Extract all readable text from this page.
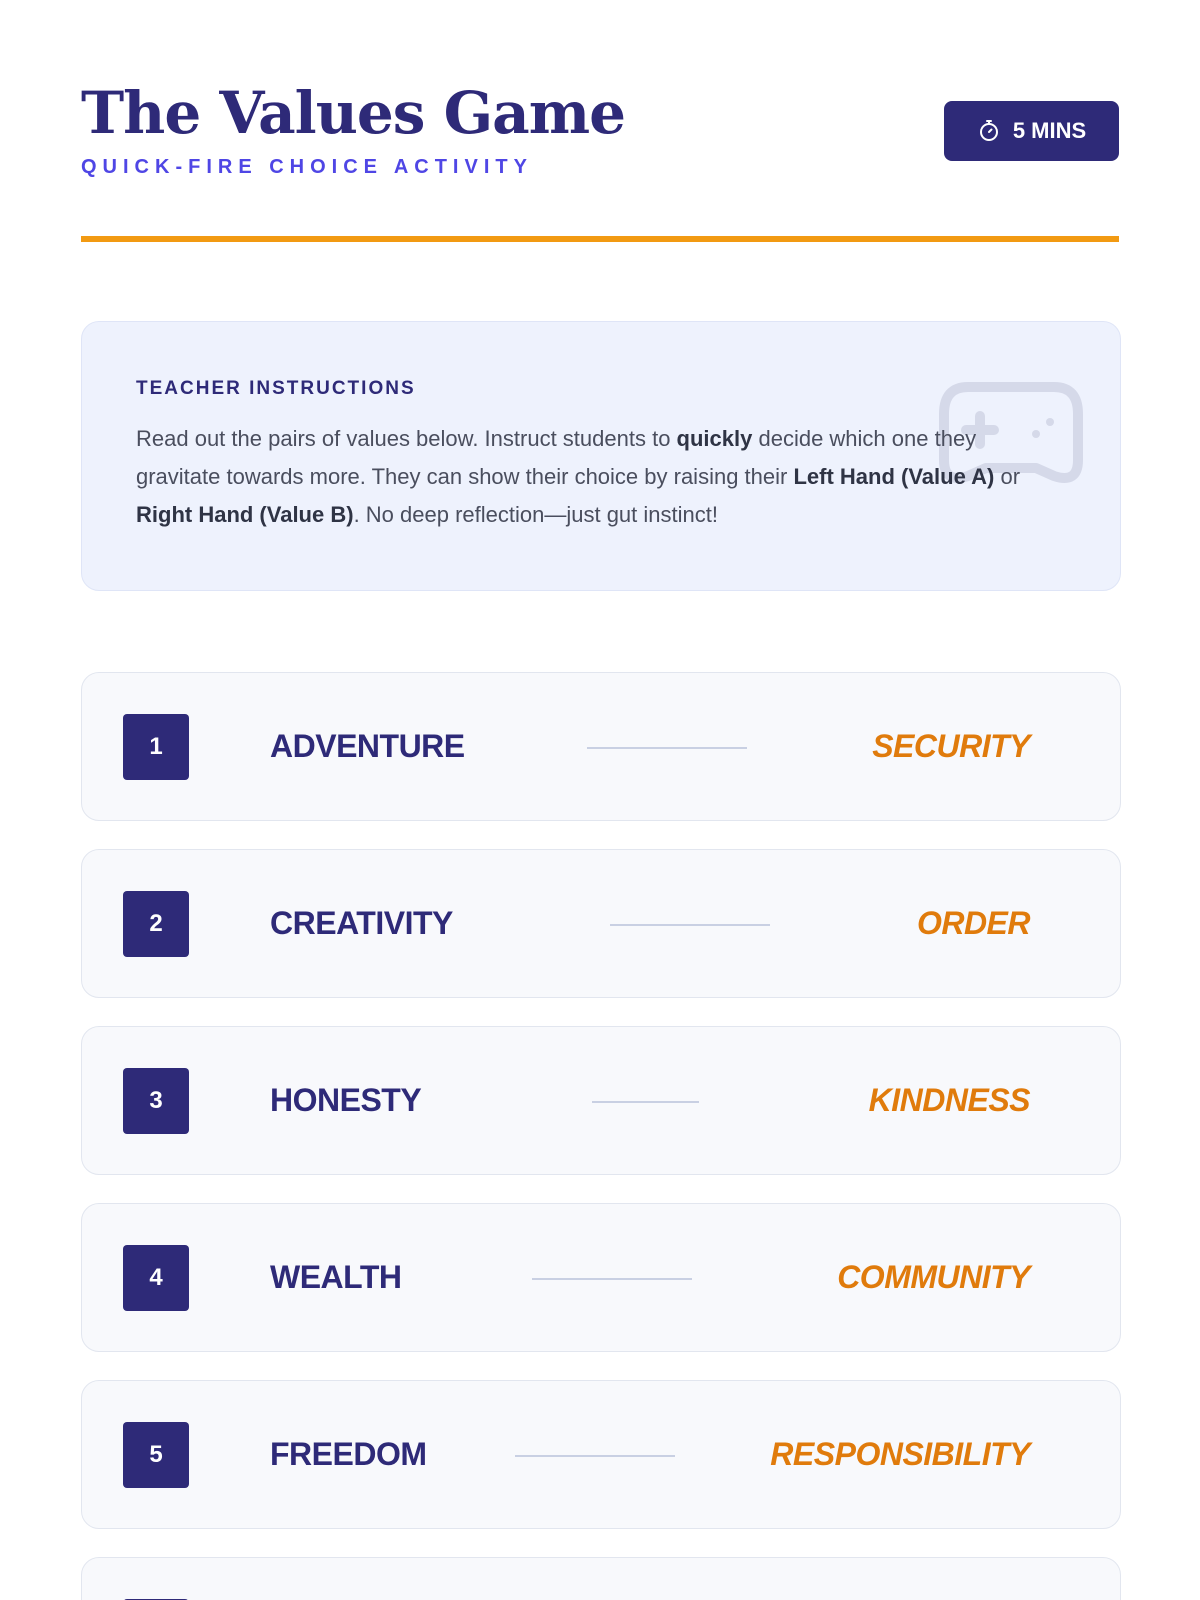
The Values Game
QUICK-FIRE CHOICE ACTIVITY
5 MINS
TEACHER INSTRUCTIONS

Read out the pairs of values below. Instruct students to quickly decide which one they gravitate towards more. They can show their choice by raising their Left Hand (Value A) or Right Hand (Value B). No deep reflection—just gut instinct!

1	ADVENTURE	SECURITY
2	CREATIVITY	ORDER
3	HONESTY	KINDNESS
4	WEALTH	COMMUNITY
5	FREEDOM	RESPONSIBILITY
